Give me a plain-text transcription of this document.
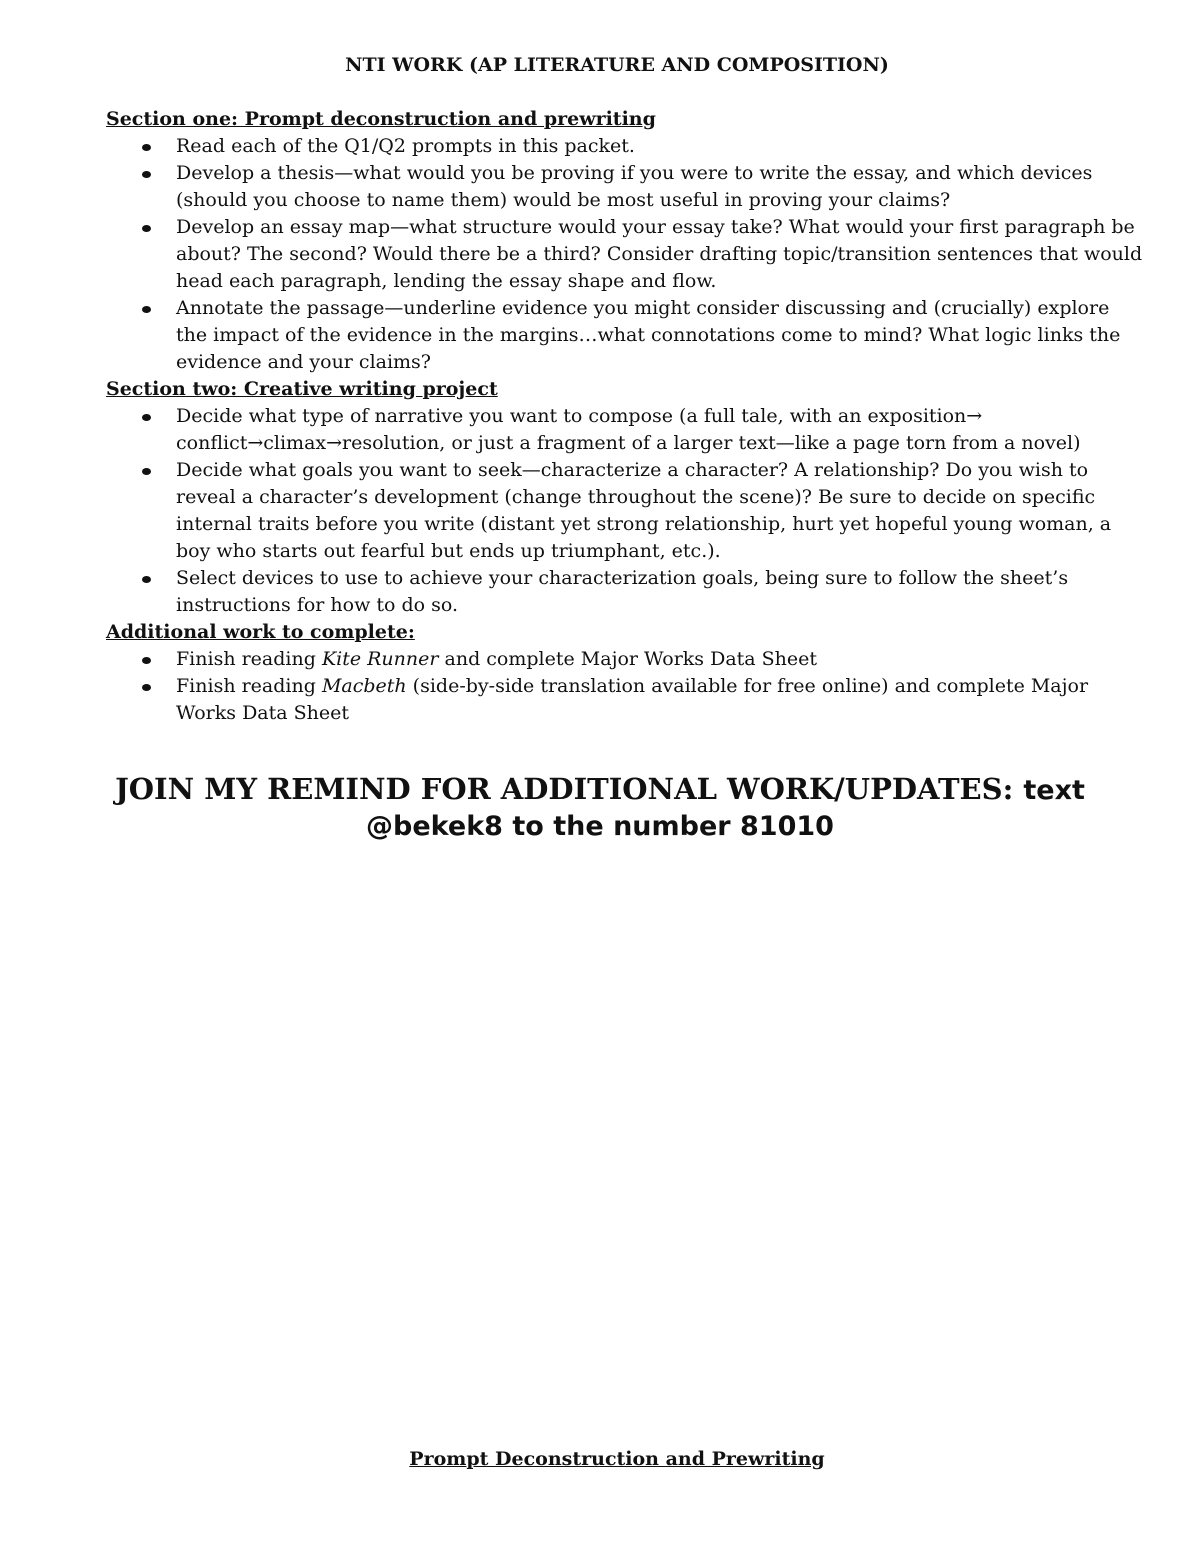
NTI WORK (AP LITERATURE AND COMPOSITION)

Section one: Prompt deconstruction and prewriting

Read each of the Q1/Q2 prompts in this packet.
Develop a thesis—what would you be proving if you were to write the essay, and which devices (should you choose to name them) would be most useful in proving your claims?
Develop an essay map—what structure would your essay take? What would your first paragraph be about? The second? Would there be a third? Consider drafting topic/transition sentences that would head each paragraph, lending the essay shape and flow.
Annotate the passage—underline evidence you might consider discussing and (crucially) explore the impact of the evidence in the margins…what connotations come to mind? What logic links the evidence and your claims?

Section two: Creative writing project

Decide what type of narrative you want to compose (a full tale, with an exposition→ conflict→climax→resolution, or just a fragment of a larger text—like a page torn from a novel)
Decide what goals you want to seek—characterize a character? A relationship? Do you wish to reveal a character’s development (change throughout the scene)? Be sure to decide on specific internal traits before you write (distant yet strong relationship, hurt yet hopeful young woman, a boy who starts out fearful but ends up triumphant, etc.).
Select devices to use to achieve your characterization goals, being sure to follow the sheet’s instructions for how to do so.

Additional work to complete:

Finish reading Kite Runner and complete Major Works Data Sheet
Finish reading Macbeth (side-by-side translation available for free online) and complete Major Works Data Sheet
JOIN MY REMIND FOR ADDITIONAL WORK/UPDATES: text
@bekek8 to the number 81010
Prompt Deconstruction and Prewriting
